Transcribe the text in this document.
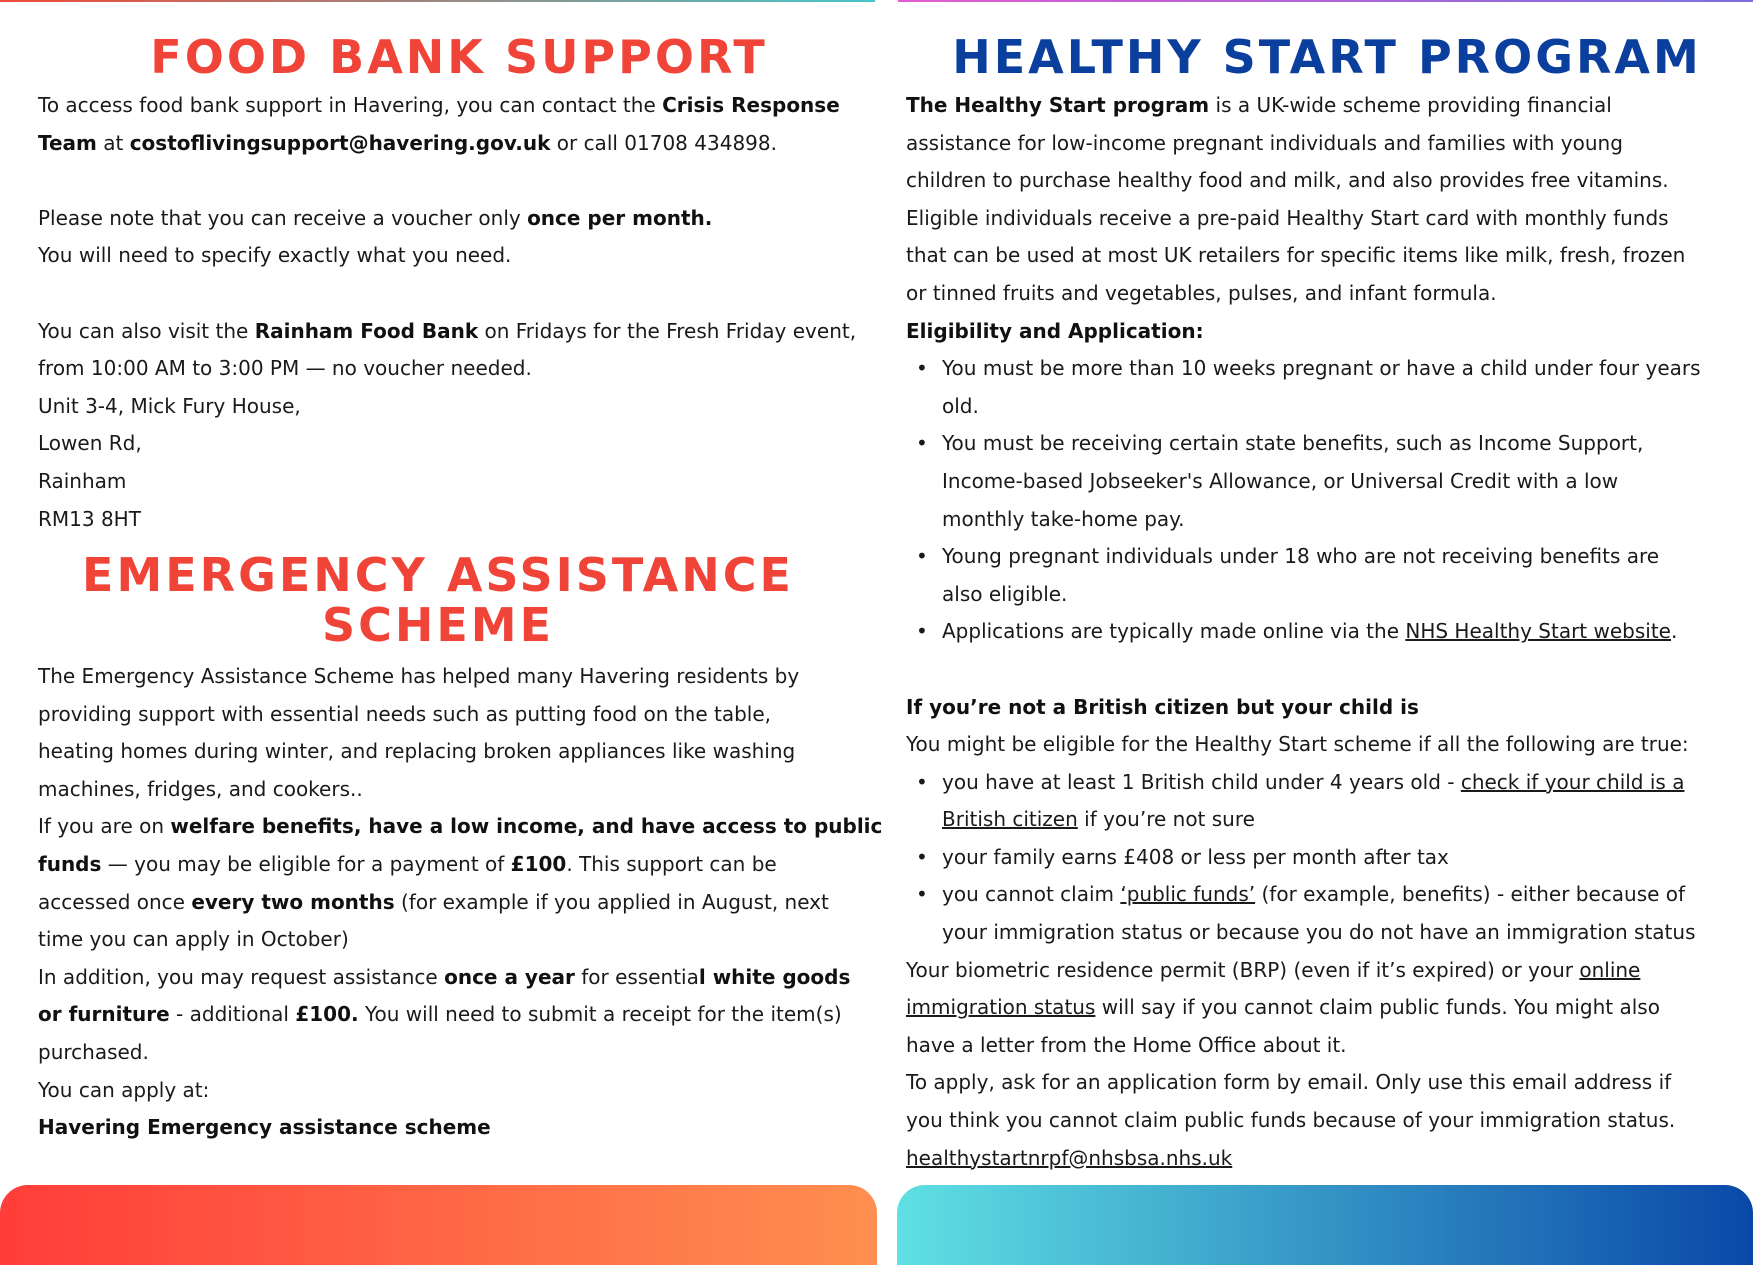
FOOD BANK SUPPORT

To access food bank support in Havering, you can contact the Crisis Response

Team at costoflivingsupport@havering.gov.uk or call 01708 434898.

Please note that you can receive a voucher only once per month.

You will need to specify exactly what you need.

You can also visit the Rainham Food Bank on Fridays for the Fresh Friday event,

from 10:00 AM to 3:00 PM — no voucher needed.

Unit 3-4, Mick Fury House,

Lowen Rd,

Rainham

RM13 8HT

EMERGENCY ASSISTANCE
SCHEME

The Emergency Assistance Scheme has helped many Havering residents by

providing support with essential needs such as putting food on the table,

heating homes during winter, and replacing broken appliances like washing

machines, fridges, and cookers..

If you are on welfare benefits, have a low income, and have access to public

funds — you may be eligible for a payment of £100. This support can be

accessed once every two months (for example if you applied in August, next

time you can apply in October)

In addition, you may request assistance once a year for essential white goods

or furniture - additional £100. You will need to submit a receipt for the item(s)

purchased.

You can apply at:

Havering Emergency assistance scheme

HEALTHY START PROGRAM

The Healthy Start program is a UK-wide scheme providing financial

assistance for low-income pregnant individuals and families with young

children to purchase healthy food and milk, and also provides free vitamins.

Eligible individuals receive a pre-paid Healthy Start card with monthly funds

that can be used at most UK retailers for specific items like milk, fresh, frozen

or tinned fruits and vegetables, pulses, and infant formula.

Eligibility and Application:

• You must be more than 10 weeks pregnant or have a child under four years
old.
• You must be receiving certain state benefits, such as Income Support,
Income-based Jobseeker's Allowance, or Universal Credit with a low
monthly take-home pay.
• Young pregnant individuals under 18 who are not receiving benefits are
also eligible.
• Applications are typically made online via the NHS Healthy Start website.

If you’re not a British citizen but your child is

You might be eligible for the Healthy Start scheme if all the following are true:

• you have at least 1 British child under 4 years old - check if your child is a
British citizen if you’re not sure
• your family earns £408 or less per month after tax
• you cannot claim ‘public funds’ (for example, benefits) - either because of
your immigration status or because you do not have an immigration status

Your biometric residence permit (BRP) (even if it’s expired) or your online

immigration status will say if you cannot claim public funds. You might also

have a letter from the Home Office about it.

To apply, ask for an application form by email. Only use this email address if

you think you cannot claim public funds because of your immigration status.

healthystartnrpf@nhsbsa.nhs.uk
